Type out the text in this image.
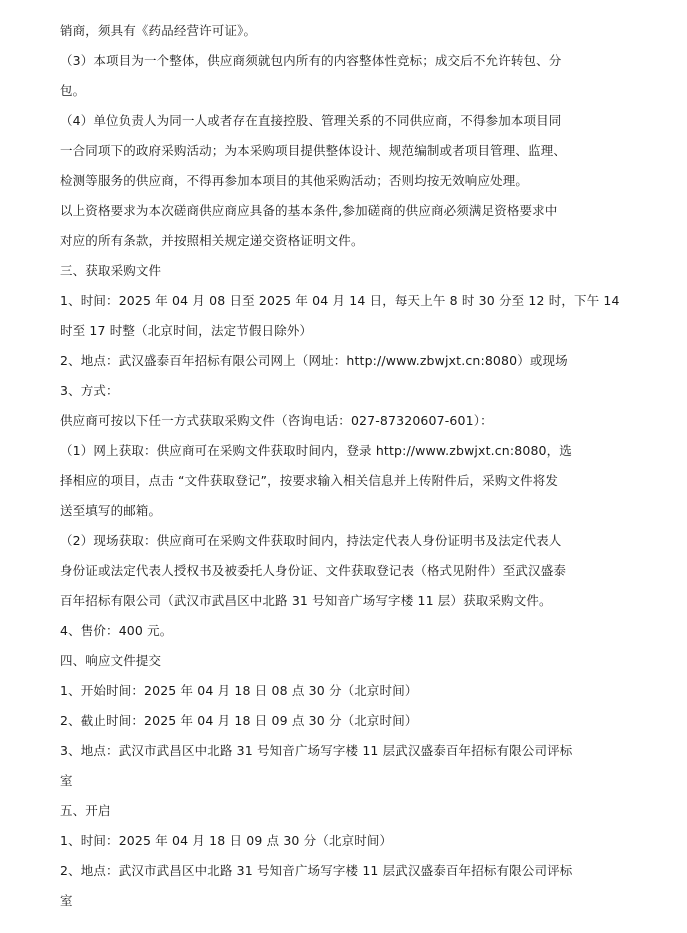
销商，须具有《药品经营许可证》。
（3）本项目为一个整体，供应商须就包内所有的内容整体性竞标；成交后不允许转包、分
包。
（4）单位负责人为同一人或者存在直接控股、管理关系的不同供应商，不得参加本项目同
一合同项下的政府采购活动；为本采购项目提供整体设计、规范编制或者项目管理、监理、
检测等服务的供应商，不得再参加本项目的其他采购活动；否则均按无效响应处理。
以上资格要求为本次磋商供应商应具备的基本条件,参加磋商的供应商必须满足资格要求中
对应的所有条款，并按照相关规定递交资格证明文件。
三、获取采购文件
1、时间：2025 年 04 月 08 日至 2025 年 04 月 14 日，每天上午 8 时 30 分至 12 时，下午 14
时至 17 时整（北京时间，法定节假日除外）
2、地点：武汉盛泰百年招标有限公司网上（网址：http://www.zbwjxt.cn:8080）或现场
3、方式：
供应商可按以下任一方式获取采购文件（咨询电话：027-87320607-601）：
（1）网上获取：供应商可在采购文件获取时间内，登录 http://www.zbwjxt.cn:8080，选
择相应的项目，点击 “文件获取登记”，按要求输入相关信息并上传附件后，采购文件将发
送至填写的邮箱。
（2）现场获取：供应商可在采购文件获取时间内，持法定代表人身份证明书及法定代表人
身份证或法定代表人授权书及被委托人身份证、文件获取登记表（格式见附件）至武汉盛泰
百年招标有限公司（武汉市武昌区中北路 31 号知音广场写字楼 11 层）获取采购文件。
4、售价：400 元。
四、响应文件提交
1、开始时间：2025 年 04 月 18 日 08 点 30 分（北京时间）
2、截止时间：2025 年 04 月 18 日 09 点 30 分（北京时间）
3、地点：武汉市武昌区中北路 31 号知音广场写字楼 11 层武汉盛泰百年招标有限公司评标
室
五、开启
1、时间：2025 年 04 月 18 日 09 点 30 分（北京时间）
2、地点：武汉市武昌区中北路 31 号知音广场写字楼 11 层武汉盛泰百年招标有限公司评标
室
